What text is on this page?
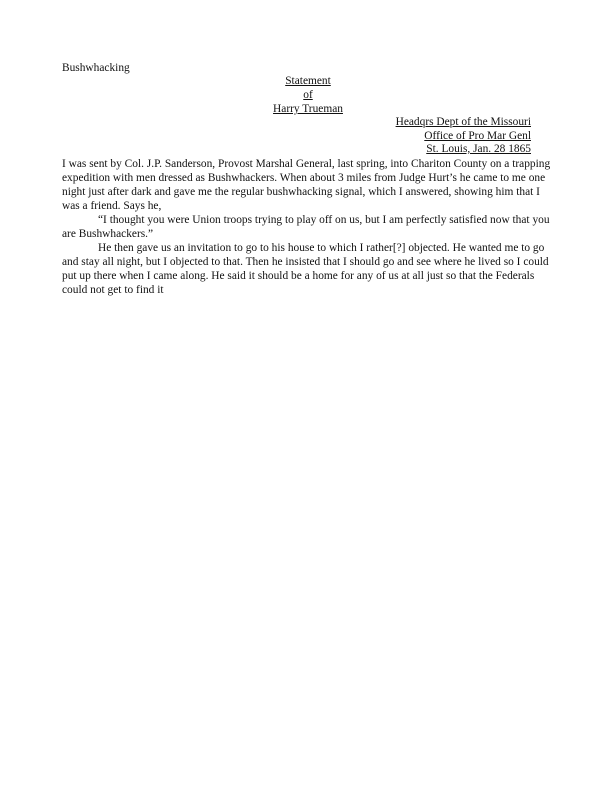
Bushwhacking
Statement
of
Harry Trueman
Headqrs Dept of the Missouri
Office of Pro Mar Genl
St. Louis, Jan. 28 1865

I was sent by Col. J.P. Sanderson, Provost Marshal General, last spring, into Chariton County on a trapping expedition with men dressed as Bushwhackers. When about 3 miles from Judge Hurt’s he came to me one night just after dark and gave me the regular bushwhacking signal, which I answered, showing him that I was a friend. Says he,

“I thought you were Union troops trying to play off on us, but I am perfectly satisfied now that you are Bushwhackers.”

He then gave us an invitation to go to his house to which I rather[?] objected. He wanted me to go and stay all night, but I objected to that. Then he insisted that I should go and see where he lived so I could put up there when I came along. He said it should be a home for any of us at all just so that the Federals could not get to find it
